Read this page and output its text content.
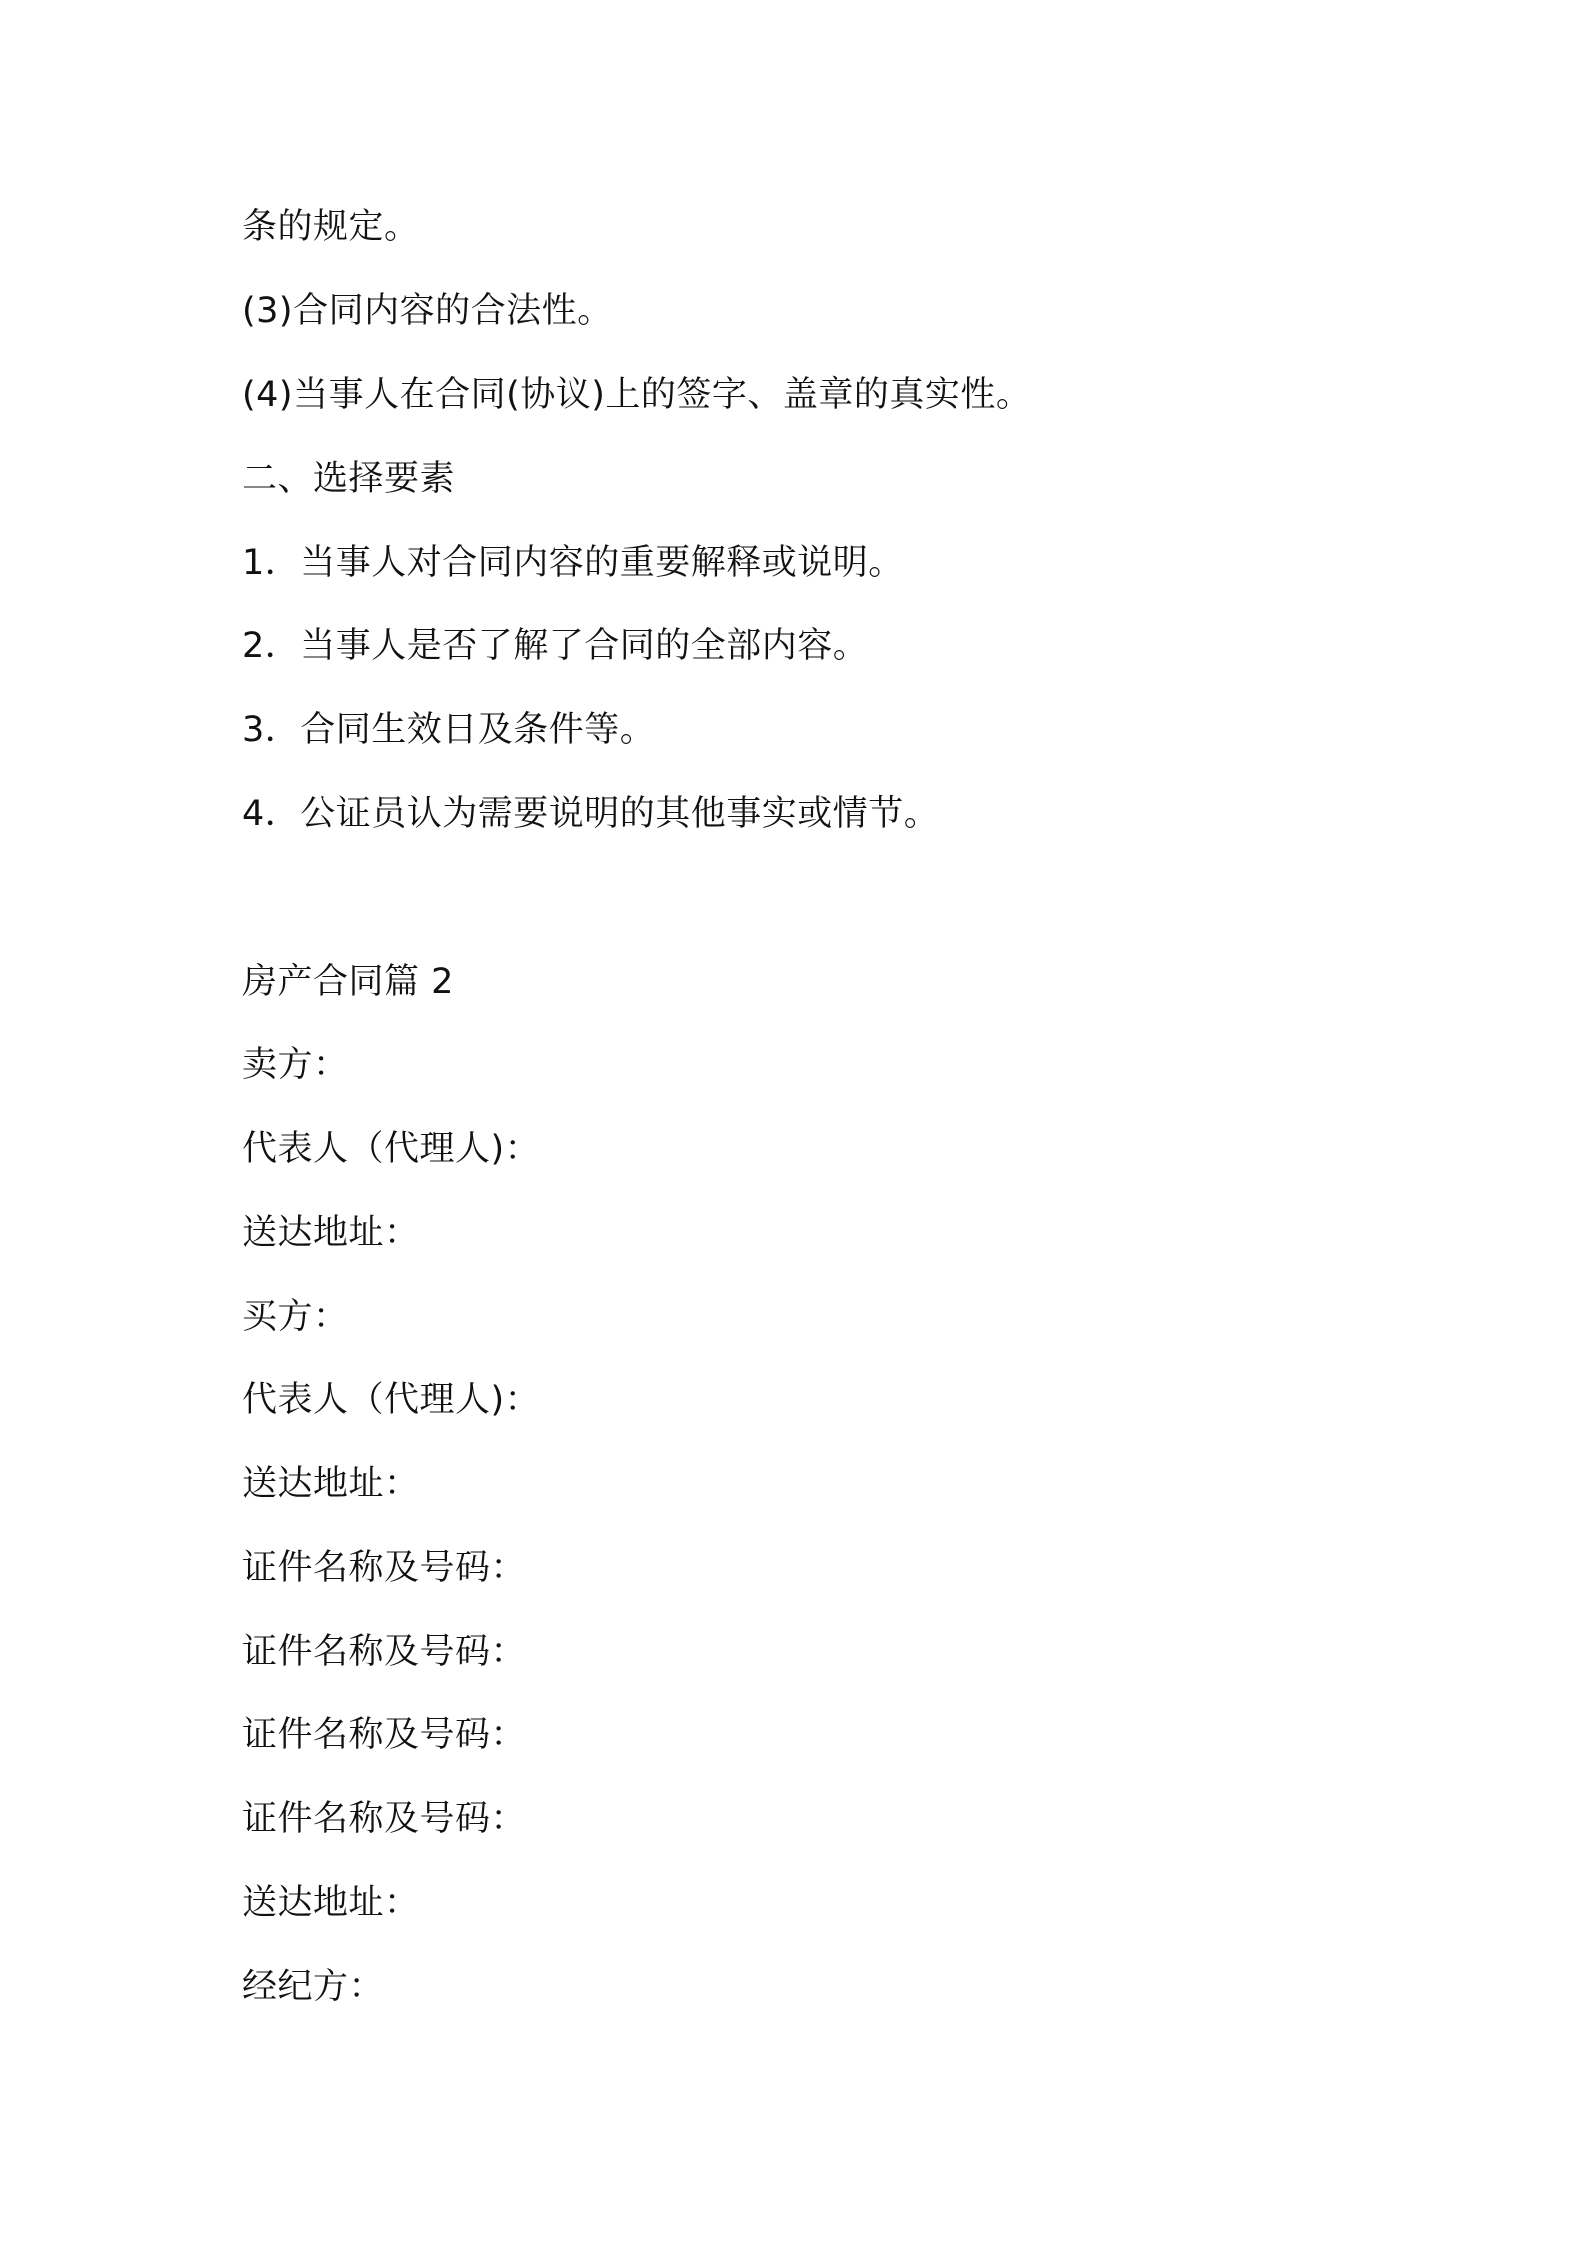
条的规定。
(3)合同内容的合法性。
(4)当事人在合同(协议)上的签字、盖章的真实性。
二、选择要素
1．当事人对合同内容的重要解释或说明。
2．当事人是否了解了合同的全部内容。
3．合同生效日及条件等。
4．公证员认为需要说明的其他事实或情节。
房产合同篇 2
卖方：
代表人（代理人)：
送达地址：
买方：
代表人（代理人)：
送达地址：
证件名称及号码：
证件名称及号码：
证件名称及号码：
证件名称及号码：
送达地址：
经纪方：
